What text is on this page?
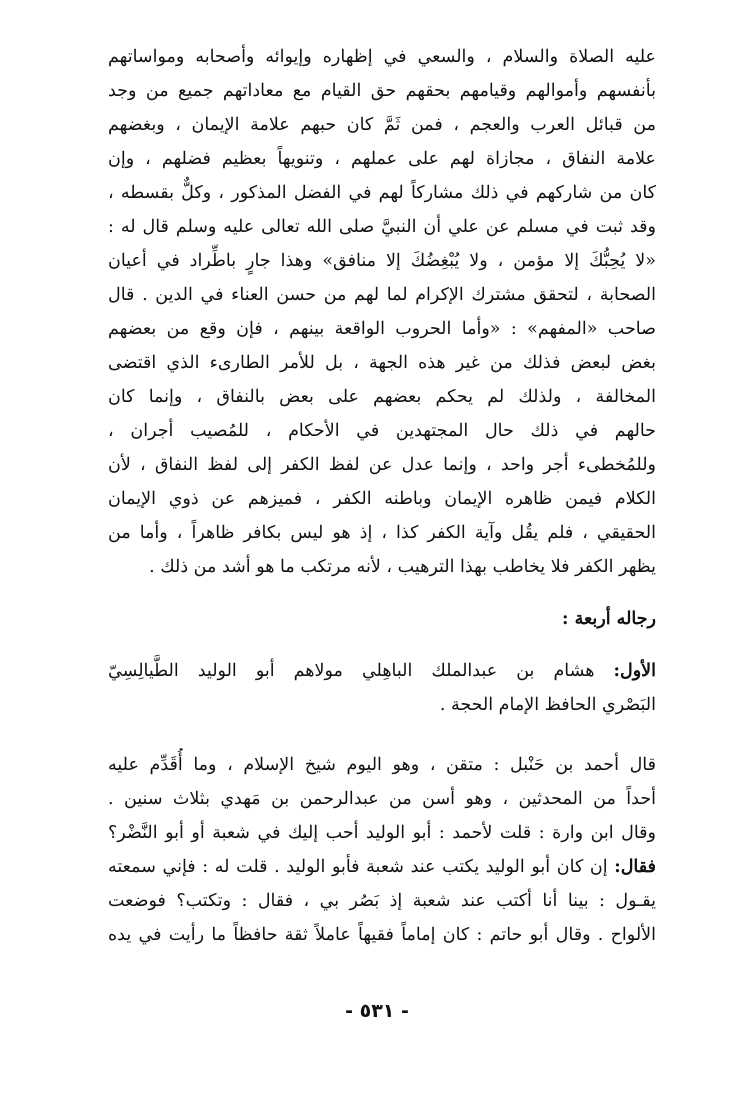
عليه الصلاة والسلام ، والسعي في إظهاره وإيوائه وأصحابه ومواساتهم
بأنفسهم وأموالهم وقيامهم بحقهم حق القيام مع معاداتهم جميع من وجد
من قبائل العرب والعجم ، فمن ثَمَّ كان حبهم علامة الإيمان ، وبغضهم
علامة النفاق ، مجازاة لهم على عملهم ، وتنويهاً بعظيم فضلهم ، وإن
كان من شاركهم في ذلك مشاركاً لهم في الفضل المذكور ، وكلٌّ بقسطه ،
وقد ثبت في مسلم عن علي أن النبيَّ صلى الله تعالى عليه وسلم قال له :
«لا يُحِبُّكَ إلا مؤمن ، ولا يُبْغِضُكَ إلا منافق» وهذا جارٍ باطِّراد في أعيان
الصحابة ، لتحقق مشترك الإكرام لما لهم من حسن العناء في الدين . قال
صاحب «المفهم» : «وأما الحروب الواقعة بينهم ، فإن وقع من بعضهم
بغض لبعض فذلك من غير هذه الجهة ، بل للأمر الطارىء الذي اقتضى
المخالفة ، ولذلك لم يحكم بعضهم على بعض بالنفاق ، وإنما كان
حالهم في ذلك حال المجتهدين في الأحكام ، للمُصيب أجران ،
وللمُخطىء أجر واحد ، وإنما عدل عن لفظ الكفر إلى لفظ النفاق ، لأن
الكلام فيمن ظاهره الإيمان وباطنه الكفر ، فميزهم عن ذوي الإيمان
الحقيقي ، فلم يقُل وآية الكفر كذا ، إذ هو ليس بكافر ظاهراً ، وأما من
يظهر الكفر فلا يخاطب بهذا الترهيب ، لأنه مرتكب ما هو أشد من ذلك .
رجاله أربعة :
الأول: هشام بن عبدالملك الباهِلي مولاهم أبو الوليد الطَّيالِسِيّ
البَصْري الحافظ الإمام الحجة .
قال أحمد بن حَنْبل : متقن ، وهو اليوم شيخ الإسلام ، وما أُقَدِّم عليه
أحداً من المحدثين ، وهو أسن من عبدالرحمن بن مَهدي بثلاث سنين .
وقال ابن وارة : قلت لأحمد : أبو الوليد أحب إليك في شعبة أو أبو النَّضْر؟
فقال: إن كان أبو الوليد يكتب عند شعبة فأبو الوليد . قلت له : فإني سمعته
يقـول : بينا أنا أكتب عند شعبة إذ بَصُر بي ، فقال : وتكتب؟ فوضعت
الألواح . وقال أبو حاتم : كان إماماً فقيهاً عاملاً ثقة حافظاً ما رأيت في يده
- ٥٣١ -
